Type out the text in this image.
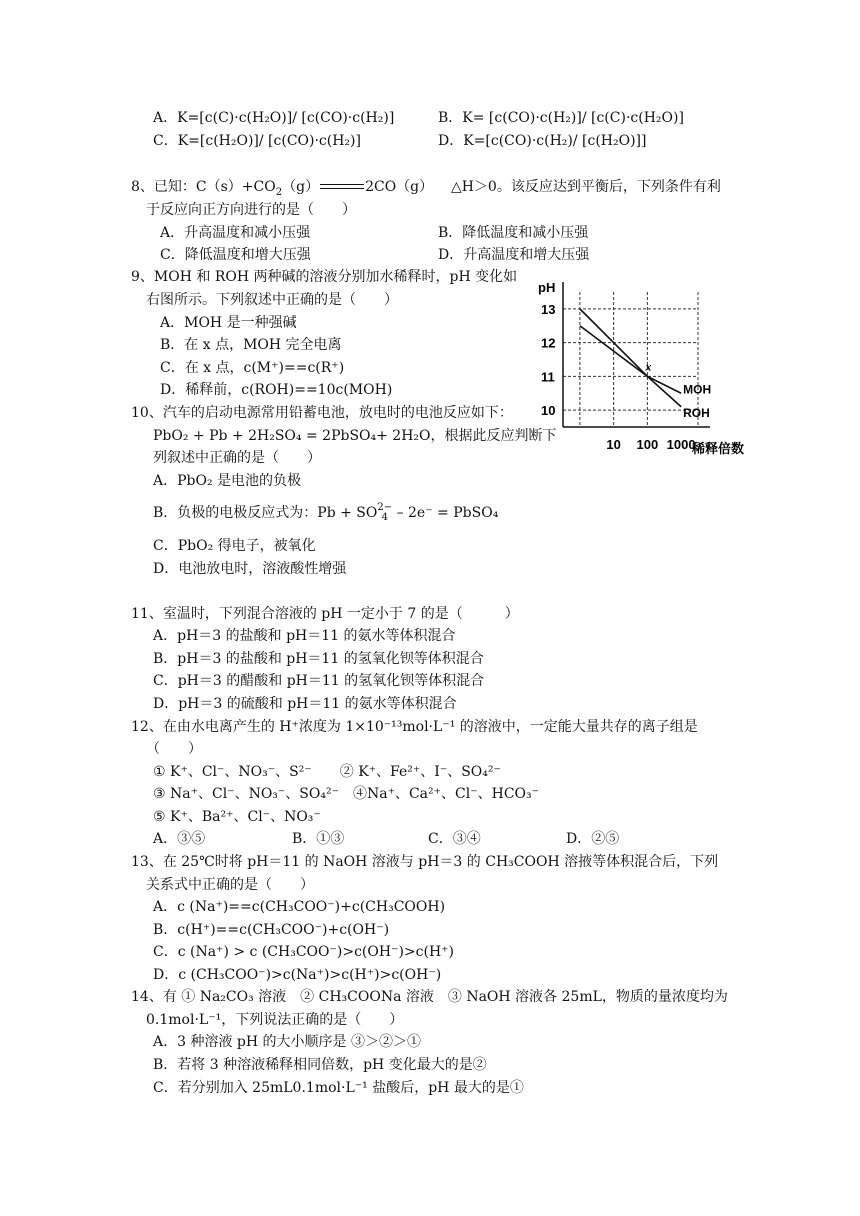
A．K=[c(C)·c(H₂O)]/ [c(CO)·c(H₂)]	B．K= [c(CO)·c(H₂)]/ [c(C)·c(H₂O)]
C．K=[c(H₂O)]/ [c(CO)·c(H₂)]	D．K=[c(CO)·c(H₂)/ [c(H₂O)]]
8、已知：$C(s)+CO_2(g)$	2CO（g） △H＞0。该反应达到平衡后，下列条件有利
于反应向正方向进行的是（　　）
A．升高温度和减小压强	B．降低温度和减小压强
C．降低温度和增大压强	D．升高温度和增大压强
9、MOH 和 ROH 两种碱的溶液分别加水稀释时，pH 变化如
右图所示。下列叙述中正确的是（　　）
A．MOH 是一种强碱
B．在 x 点，MOH 完全电离
C．在 x 点，c(M⁺)==c(R⁺)
D．稀释前，c(ROH)==10c(MOH)
10
11
12
13
10 100 1000
MOH
ROH
x
pH
稀释倍数
10、汽车的启动电源常用铅蓄电池，放电时的电池反应如下：
PbO₂ + Pb + 2H₂SO₄ = 2PbSO₄+ 2H₂O，根据此反应判断下
列叙述中正确的是（　　）
A．PbO₂ 是电池的负极
B．负极的电极反应式为：Pb + SO 2−
4 – 2e⁻ = PbSO₄
C．PbO₂ 得电子，被氧化
D．电池放电时，溶液酸性增强
11、室温时，下列混合溶液的 pH 一定小于 7 的是（　　　）
A．pH＝3 的盐酸和 pH＝11 的氨水等体积混合
B．pH＝3 的盐酸和 pH＝11 的氢氧化钡等体积混合
C．pH＝3 的醋酸和 pH＝11 的氢氧化钡等体积混合
D．pH＝3 的硫酸和 pH＝11 的氨水等体积混合
12、在由水电离产生的 H⁺浓度为 1×10⁻¹³mol·L⁻¹ 的溶液中，一定能大量共存的离子组是
（　　）
① K⁺、Cl⁻、NO₃⁻、S²⁻　　② K⁺、Fe²⁺、I⁻、SO₄²⁻
③ Na⁺、Cl⁻、NO₃⁻、SO₄²⁻　④Na⁺、Ca²⁺、Cl⁻、HCO₃⁻
⑤ K⁺、Ba²⁺、Cl⁻、NO₃⁻
A．③⑤	B．①③	C．③④	D．②⑤
13、在 25℃时将 pH＝11 的 NaOH 溶液与 pH＝3 的 CH₃COOH 溶掖等体积混合后，下列
关系式中正确的是（　　）
A．c (Na⁺)==c(CH₃COO⁻)+c(CH₃COOH)
B．c(H⁺)==c(CH₃COO⁻)+c(OH⁻)
C．c (Na⁺) > c (CH₃COO⁻)>c(OH⁻)>c(H⁺)
D．c (CH₃COO⁻)>c(Na⁺)>c(H⁺)>c(OH⁻)
14、有 ① Na₂CO₃ 溶液　② CH₃COONa 溶液　③ NaOH 溶液各 25mL，物质的量浓度均为
0.1mol·L⁻¹，下列说法正确的是（　　）
A．3 种溶液 pH 的大小顺序是 ③＞②＞①
B．若将 3 种溶液稀释相同倍数，pH 变化最大的是②
C．若分别加入 25mL0.1mol·L⁻¹ 盐酸后，pH 最大的是①
